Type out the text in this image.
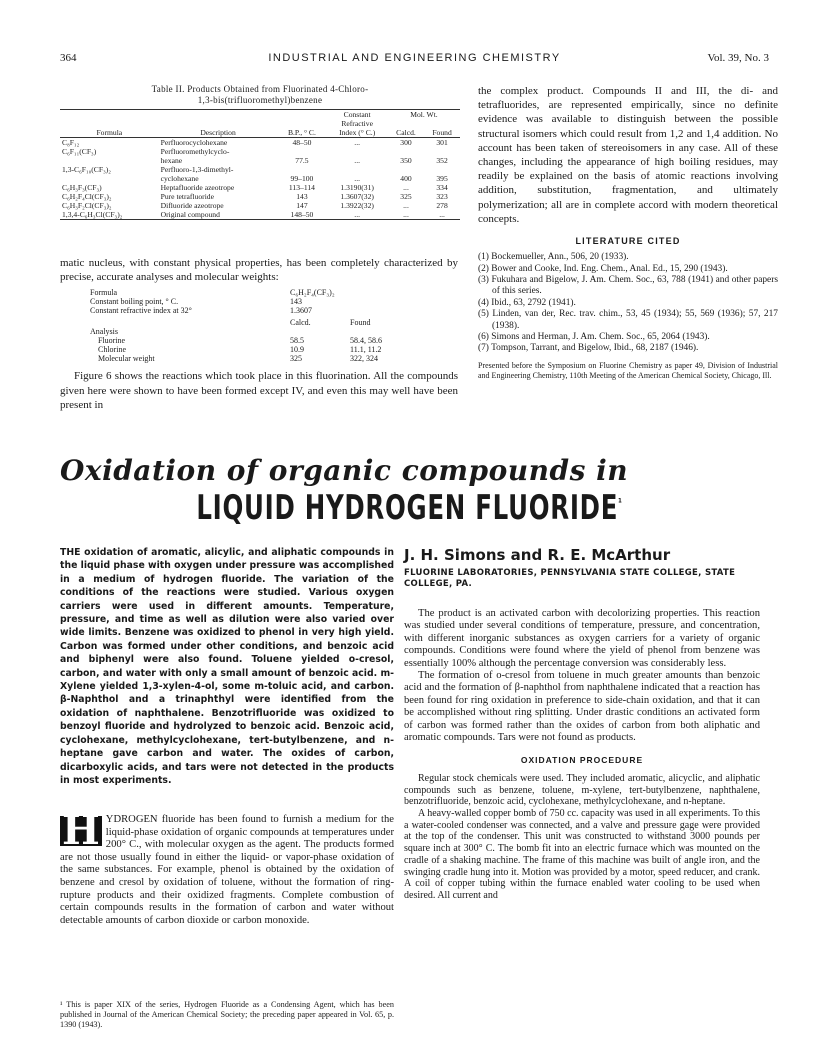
364	INDUSTRIAL AND ENGINEERING CHEMISTRY	Vol. 39, No. 3
Table II. Products Obtained from Fluorinated 4-Chloro-
1,3-bis(trifluoromethyl)benzene
			Constant
Refractive	Mol. Wt.	
Formula	Description	B.P., ° C.	Index (° C.)	Calcd.	Found
C₈F₁₂	Perfluorocyclohexane	48–50	...	300	301
C₆F₁₁(CF₃)	Perfluoromethylcyclo-				
	hexane	77.5	...	350	352
1,3-C₆F₁₀(CF₃)₂	Perfluoro-1,3-dimethyl-				
	cyclohexane	99–100	...	400	395
C₆H₃F₃(CF₃)	Heptafluoride azeotrope	113–114	1.3190(31)	...	334
C₆H₂F₄Cl(CF₃)₂	Pure tetrafluoride	143	1.3607(32)	325	323
C₆H₃F₂Cl(CF₃)₂	Difluoride azeotrope	147	1.3922(32)	...	278
1,3,4-C₆H₃Cl(CF₃)₂	Original compound	148–50	...	...	...

matic nucleus, with constant physical properties, has been completely characterized by precise, accurate analyses and molecular weights:

Formula	C₆H₂F₄(CF₃)₂
Constant boiling point, ° C.	143
Constant refractive index at 32°	1.3607
Calcd.	Found
Analysis
Fluorine	58.5	58.4, 58.6
Chlorine	10.9	11.1, 11.2
Molecular weight	325	322, 324

Figure 6 shows the reactions which took place in this fluorination. All the compounds given here were shown to have been formed except IV, and even this may well have been present in

the complex product. Compounds II and III, the di- and tetrafluorides, are represented empirically, since no definite evidence was available to distinguish between the possible structural isomers which could result from 1,2 and 1,4 addition. No account has been taken of stereoisomers in any case. All of these changes, including the appearance of high boiling residues, may readily be explained on the basis of atomic reactions involving addition, substitution, fragmentation, and ultimately polymerization; all are in complete accord with modern theoretical concepts.

LITERATURE CITED
(1) Bockemueller, Ann., 506, 20 (1933).
(2) Bower and Cooke, Ind. Eng. Chem., Anal. Ed., 15, 290 (1943).
(3) Fukuhara and Bigelow, J. Am. Chem. Soc., 63, 788 (1941) and other papers of this series.
(4) Ibid., 63, 2792 (1941).
(5) Linden, van der, Rec. trav. chim., 53, 45 (1934); 55, 569 (1936); 57, 217 (1938).
(6) Simons and Herman, J. Am. Chem. Soc., 65, 2064 (1943).
(7) Tompson, Tarrant, and Bigelow, Ibid., 68, 2187 (1946).

Presented before the Symposium on Fluorine Chemistry as paper 49, Division of Industrial and Engineering Chemistry, 110th Meeting of the American Chemical Society, Chicago, Ill.

Oxidation of organic compounds in
LIQUID HYDROGEN $FLUORIDE^{^1}$
THE oxidation of aromatic, alicylic, and aliphatic compounds in the liquid phase with oxygen under pressure was accomplished in a medium of hydrogen fluoride. The variation of the conditions of the reactions were studied. Various oxygen carriers were used in different amounts. Temperature, pressure, and time as well as dilution were also varied over wide limits. Benzene was oxidized to phenol in very high yield. Carbon was formed under other conditions, and benzoic acid and biphenyl were also found. Toluene yielded o-cresol, carbon, and water with only a small amount of benzoic acid. m-Xylene yielded 1,3-xylen-4-ol, some m-toluic acid, and carbon. β-Naphthol and a trinaphthyl were identified from the oxidation of naphthalene. Benzotrifluoride was oxidized to benzoyl fluoride and hydrolyzed to benzoic acid. Benzoic acid, cyclohexane, methylcyclohexane, tert-butylbenzene, and n-heptane gave carbon and water. The oxides of carbon, dicarboxylic acids, and tars were not detected in the products in most experiments.
H YDROGEN fluoride has been found to furnish a medium for the liquid-phase oxidation of organic compounds at temperatures under 200° C., with molecular oxygen as the agent. The products formed are not those usually found in either the liquid- or vapor-phase oxidation of the same substances. For example, phenol is obtained by the oxidation of benzene and cresol by oxidation of toluene, without the formation of ring-rupture products and their oxidized fragments. Complete combustion of certain compounds results in the formation of carbon and water without detectable amounts of carbon dioxide or carbon monoxide.
¹ This is paper XIX of the series, Hydrogen Fluoride as a Condensing Agent, which has been published in Journal of the American Chemical Society; the preceding paper appeared in Vol. 65, p. 1390 (1943).
J. H. Simons and R. E. McArthur
FLUORINE LABORATORIES, PENNSYLVANIA STATE COLLEGE, STATE COLLEGE, PA.

The product is an activated carbon with decolorizing properties. This reaction was studied under several conditions of temperature, pressure, and concentration, with different inorganic substances as oxygen carriers for a variety of organic compounds. Conditions were found where the yield of phenol from benzene was essentially 100% although the percentage conversion was considerably less.

The formation of o-cresol from toluene in much greater amounts than benzoic acid and the formation of β-naphthol from naphthalene indicated that a reaction has been found for ring oxidation in preference to side-chain oxidation, and that it can be accomplished without ring splitting. Under drastic conditions an activated form of carbon was formed rather than the oxides of carbon from both aliphatic and aromatic compounds. Tars were not found as products.

OXIDATION PROCEDURE

Regular stock chemicals were used. They included aromatic, alicyclic, and aliphatic compounds such as benzene, toluene, m-xylene, tert-butylbenzene, naphthalene, benzotrifluoride, benzoic acid, cyclohexane, methylcyclohexane, and n-heptane.

A heavy-walled copper bomb of 750 cc. capacity was used in all experiments. To this a water-cooled condenser was connected, and a valve and pressure gage were provided at the top of the condenser. This unit was constructed to withstand 3000 pounds per square inch at 300° C. The bomb fit into an electric furnace which was mounted on the cradle of a shaking machine. The frame of this machine was built of angle iron, and the swinging cradle hung into it. Motion was provided by a motor, speed reducer, and crank. A coil of copper tubing within the furnace enabled water cooling to be used when desired. All current and
